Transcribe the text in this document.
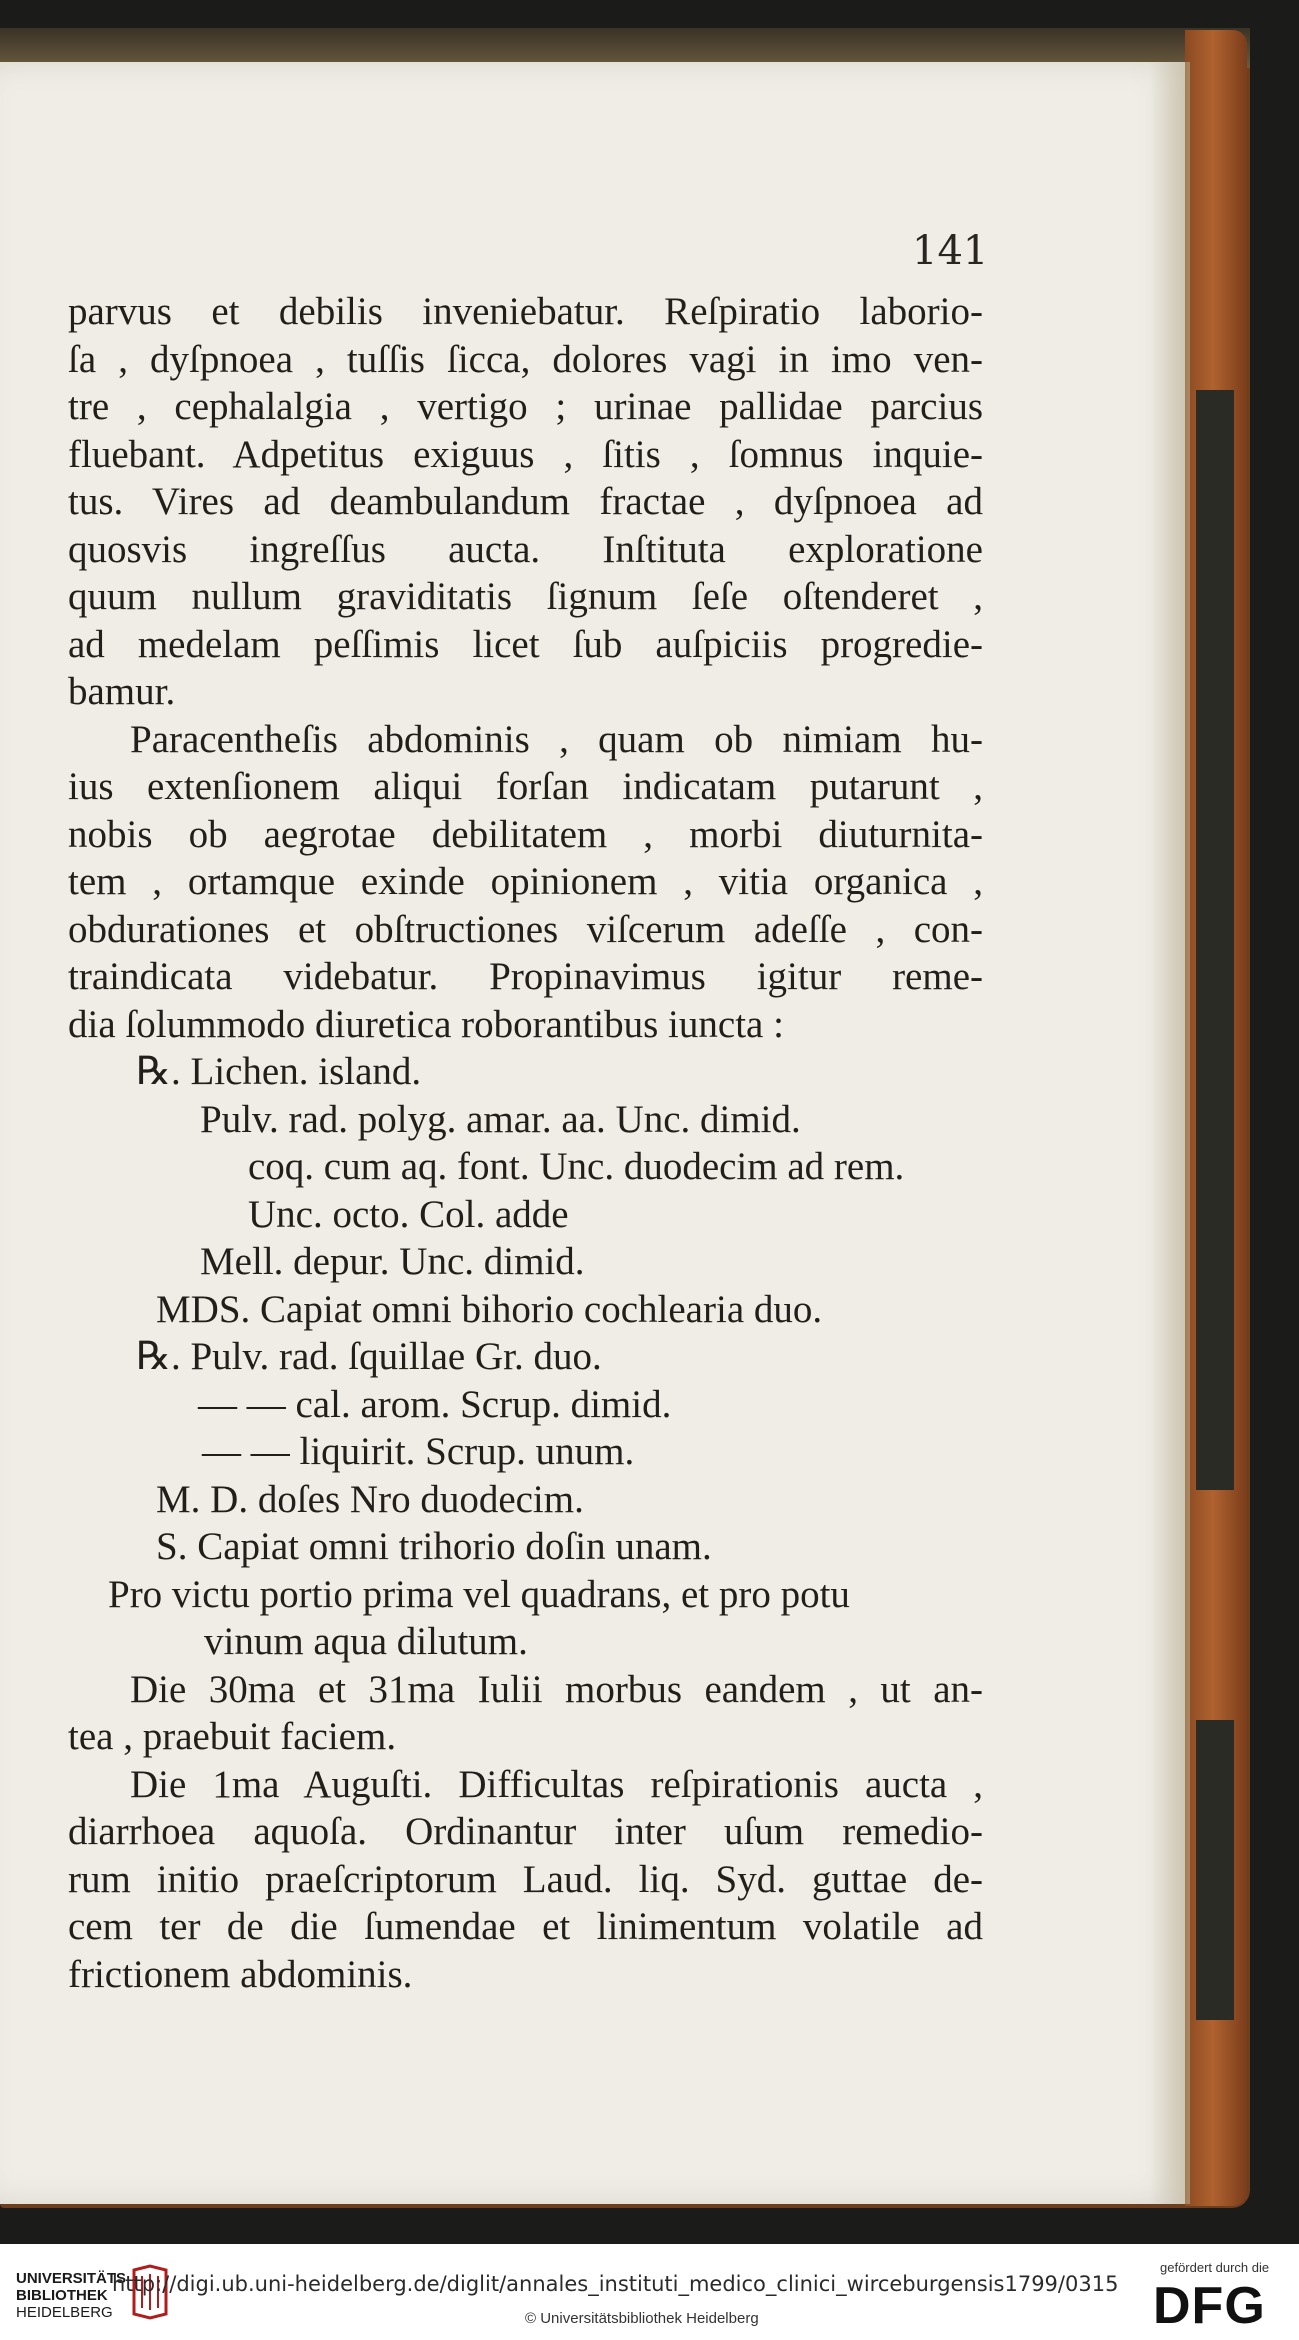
141
parvus et debilis inveniebatur. Reſpiratio laborio-
ſa , dyſpnoea , tuſſis ſicca, dolores vagi in imo ven-
tre , cephalalgia , vertigo ; urinae pallidae parcius
fluebant. Adpetitus exiguus , ſitis , ſomnus inquie-
tus. Vires ad deambulandum fractae , dyſpnoea ad
quosvis ingreſſus aucta. Inſtituta exploratione
quum nullum graviditatis ſignum ſeſe oſtenderet ,
ad medelam peſſimis licet ſub auſpiciis progredie-
bamur.
Paracentheſis abdominis , quam ob nimiam hu-
ius extenſionem aliqui forſan indicatam putarunt ,
nobis ob aegrotae debilitatem , morbi diuturnita-
tem , ortamque exinde opinionem , vitia organica ,
obdurationes et obſtructiones viſcerum adeſſe , con-
traindicata videbatur. Propinavimus igitur reme-
dia ſolummodo diuretica roborantibus iuncta :
℞. Lichen. island.
Pulv. rad. polyg. amar. aa. Unc. dimid.
coq. cum aq. font. Unc. duodecim ad rem.
Unc. octo. Col. adde
Mell. depur. Unc. dimid.
MDS. Capiat omni bihorio cochlearia duo.
℞. Pulv. rad. ſquillae Gr. duo.
— — cal. arom. Scrup. dimid.
— — liquirit. Scrup. unum.
M. D. doſes Nro duodecim.
S. Capiat omni trihorio doſin unam.
Pro victu portio prima vel quadrans, et pro potu
vinum aqua dilutum.
Die 30ma et 31ma Iulii morbus eandem , ut an-
tea , praebuit faciem.
Die 1ma Auguſti. Difficultas reſpirationis aucta ,
diarrhoea aquoſa. Ordinantur inter uſum remedio-
rum initio praeſcriptorum Laud. liq. Syd. guttae de-
cem ter de die ſumendae et linimentum volatile ad
frictionem abdominis.
UNIVERSITÄTS
BIBLIOTHEK
HEIDELBERG
http://digi.ub.uni-heidelberg.de/diglit/annales_instituti_medico_clinici_wirceburgensis1799/0315
© Universitätsbibliothek Heidelberg
gefördert durch die
DFG
